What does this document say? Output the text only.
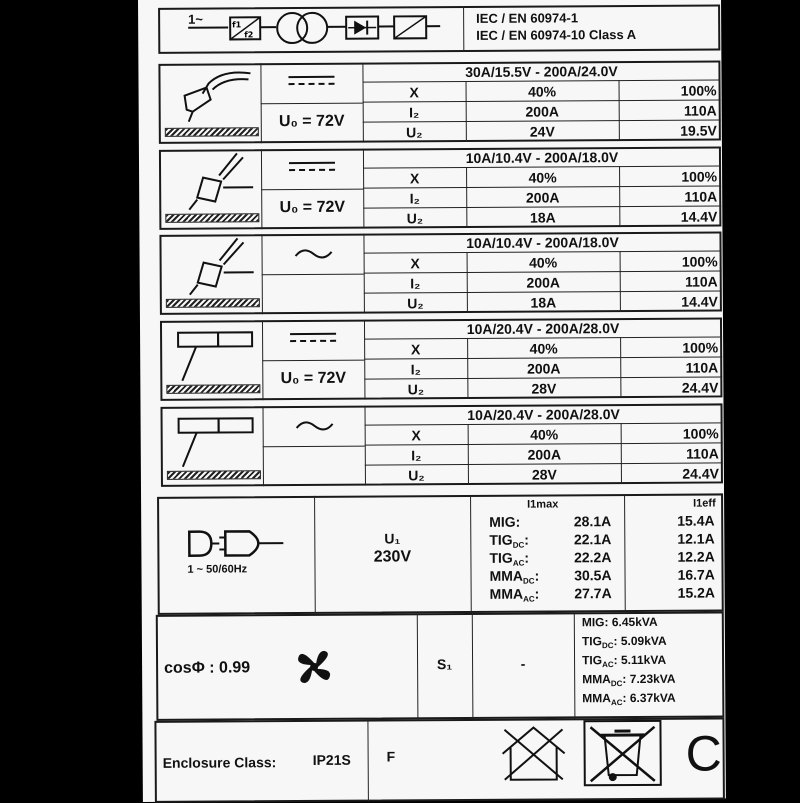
1~	f1
f2
IEC / EN 60974-1
IEC / EN 60974-10 Class A
U₀ = 72V
30A/15.5V - 200A/24.0V
X	40%	100%
I₂	200A	110A
U₂	24V	19.5V
U₀ = 72V
10A/10.4V - 200A/18.0V
X	40%	100%
I₂	200A	110A
U₂	18A	14.4V
10A/10.4V - 200A/18.0V
X	40%	100%
I₂	200A	110A
U₂	18A	14.4V
U₀ = 72V
10A/20.4V - 200A/28.0V
X	40%	100%
I₂	200A	110A
U₂	28V	24.4V
10A/20.4V - 200A/28.0V
X	40%	100%
I₂	200A	110A
U₂	28V	24.4V
1 ~ 50/60Hz
U₁
230V
I1max	I1eff
MIG:	28.1A	15.4A
$TIG_{DC}$:	22.1A	12.1A
$TIG_{AC}$:	22.2A	12.2A
$MMA_{DC}$:	30.5A	16.7A
$MMA_{AC}$:	27.7A	15.2A
cosΦ : 0.99	S₁	-
MIG: 6.45kVA
$TIG_{DC}$: 5.09kVA
$TIG_{AC}$: 5.11kVA
$MMA_{DC}$: 7.23kVA
$MMA_{AC}$: 6.37kVA
Enclosure Class:	IP21S	F	C
